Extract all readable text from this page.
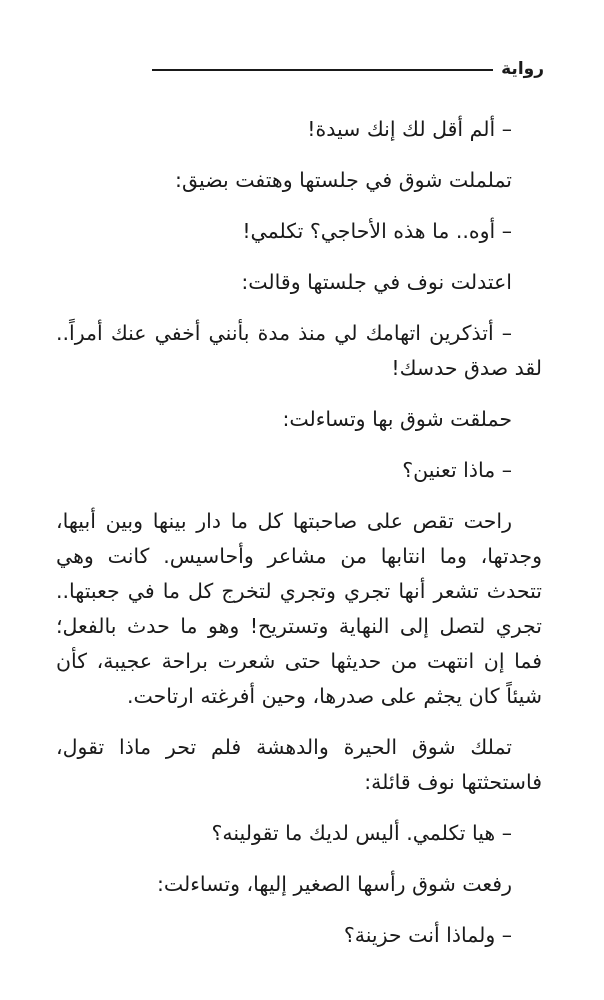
رواية

– ألم أقل لك إنك سيدة!

تململت شوق في جلستها وهتفت بضيق:

– أوه.. ما هذه الأحاجي؟ تكلمي!

اعتدلت نوف في جلستها وقالت:

– أتذكرين اتهامك لي منذ مدة بأنني أخفي عنك أمراً.. لقد صدق حدسك!

حملقت شوق بها وتساءلت:

– ماذا تعنين؟

راحت تقص على صاحبتها كل ما دار بينها وبين أبيها، وجدتها، وما انتابها من مشاعر وأحاسيس. كانت وهي تتحدث تشعر أنها تجري وتجري لتخرج كل ما في جعبتها.. تجري لتصل إلى النهاية وتستريح! وهو ما حدث بالفعل؛ فما إن انتهت من حديثها حتى شعرت براحة عجيبة، كأن شيئاً كان يجثم على صدرها، وحين أفرغته ارتاحت.

تملك شوق الحيرة والدهشة فلم تحر ماذا تقول، فاستحثتها نوف قائلة:

– هيا تكلمي. أليس لديك ما تقولينه؟

رفعت شوق رأسها الصغير إليها، وتساءلت:

– ولماذا أنت حزينة؟
